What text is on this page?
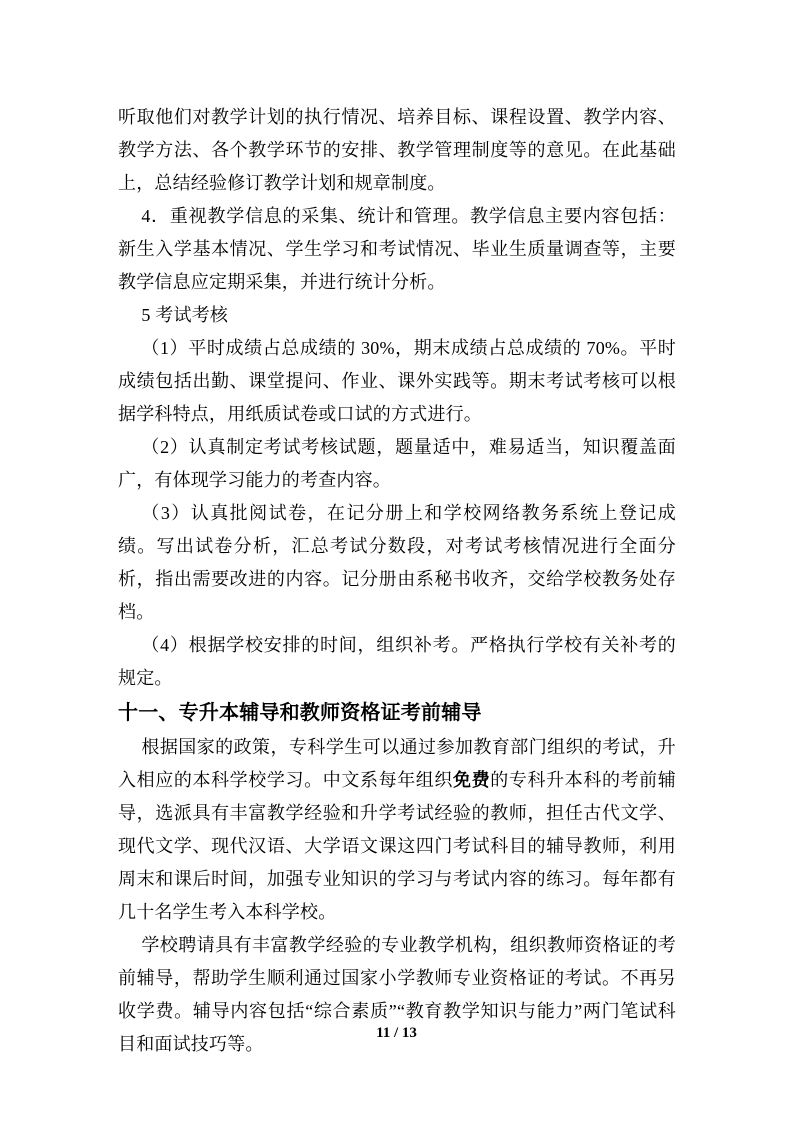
听取他们对教学计划的执行情况、培养目标、课程设置、教学内容、教学方法、各个教学环节的安排、教学管理制度等的意见。在此基础上，总结经验修订教学计划和规章制度。

4．重视教学信息的采集、统计和管理。教学信息主要内容包括：新生入学基本情况、学生学习和考试情况、毕业生质量调查等，主要教学信息应定期采集，并进行统计分析。

5 考试考核

（1）平时成绩占总成绩的 30%，期末成绩占总成绩的 70%。平时成绩包括出勤、课堂提问、作业、课外实践等。期末考试考核可以根据学科特点，用纸质试卷或口试的方式进行。

（2）认真制定考试考核试题，题量适中，难易适当，知识覆盖面广，有体现学习能力的考查内容。

（3）认真批阅试卷，在记分册上和学校网络教务系统上登记成绩。写出试卷分析，汇总考试分数段，对考试考核情况进行全面分析，指出需要改进的内容。记分册由系秘书收齐，交给学校教务处存档。

（4）根据学校安排的时间，组织补考。严格执行学校有关补考的规定。

十一、专升本辅导和教师资格证考前辅导

根据国家的政策，专科学生可以通过参加教育部门组织的考试，升入相应的本科学校学习。中文系每年组织免费的专科升本科的考前辅导，选派具有丰富教学经验和升学考试经验的教师，担任古代文学、现代文学、现代汉语、大学语文课这四门考试科目的辅导教师，利用周末和课后时间，加强专业知识的学习与考试内容的练习。每年都有几十名学生考入本科学校。

学校聘请具有丰富教学经验的专业教学机构，组织教师资格证的考前辅导，帮助学生顺利通过国家小学教师专业资格证的考试。不再另收学费。辅导内容包括“综合素质”“教育教学知识与能力”两门笔试科目和面试技巧等。

11 / 13
